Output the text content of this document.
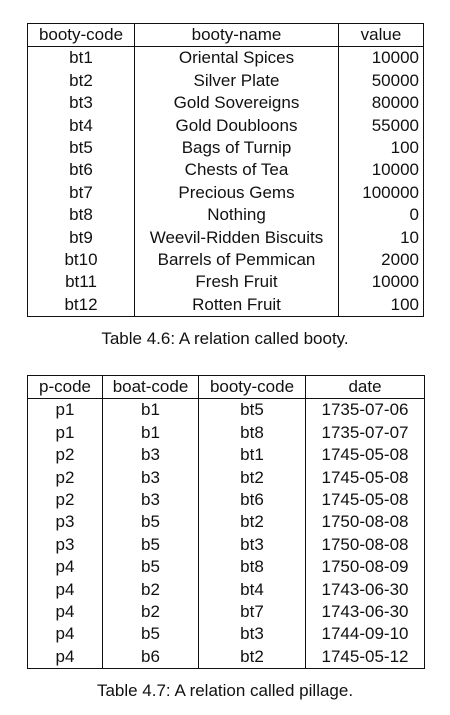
booty-code	booty-name	value
bt1	Oriental Spices	10000
bt2	Silver Plate	50000
bt3	Gold Sovereigns	80000
bt4	Gold Doubloons	55000
bt5	Bags of Turnip	100
bt6	Chests of Tea	10000
bt7	Precious Gems	100000
bt8	Nothing	0
bt9	Weevil-Ridden Biscuits	10
bt10	Barrels of Pemmican	2000
bt11	Fresh Fruit	10000
bt12	Rotten Fruit	100
Table 4.6: A relation called booty.
p-code	boat-code	booty-code	date
p1	b1	bt5	1735-07-06
p1	b1	bt8	1735-07-07
p2	b3	bt1	1745-05-08
p2	b3	bt2	1745-05-08
p2	b3	bt6	1745-05-08
p3	b5	bt2	1750-08-08
p3	b5	bt3	1750-08-08
p4	b5	bt8	1750-08-09
p4	b2	bt4	1743-06-30
p4	b2	bt7	1743-06-30
p4	b5	bt3	1744-09-10
p4	b6	bt2	1745-05-12
Table 4.7: A relation called pillage.
